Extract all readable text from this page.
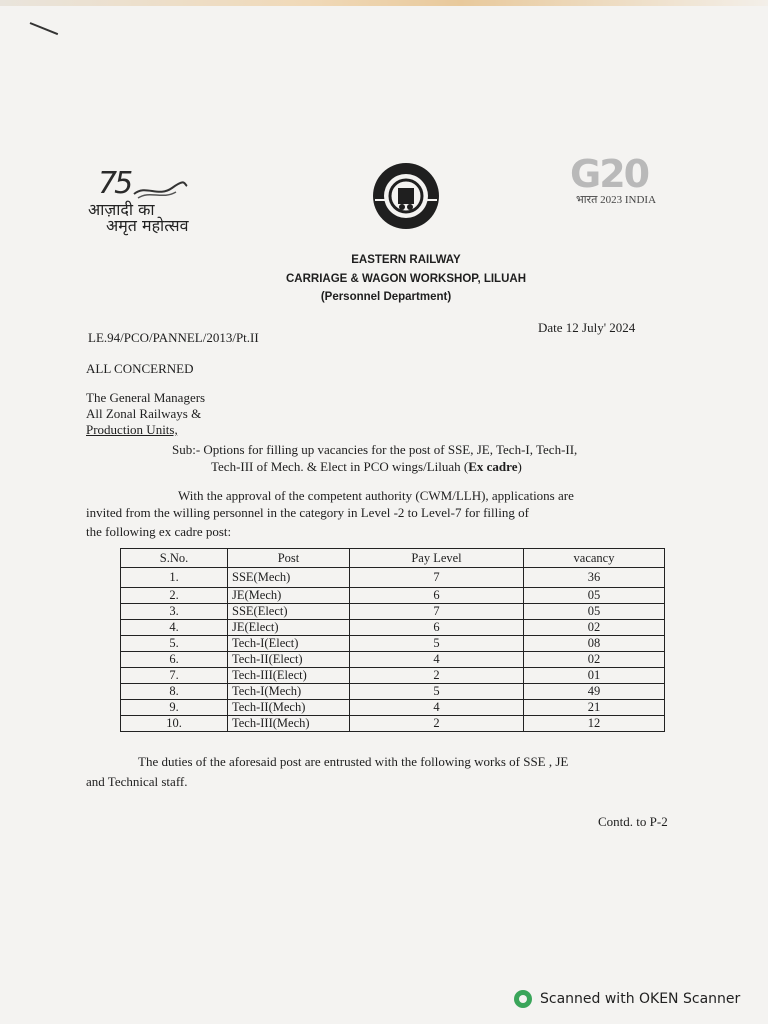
75
आज़ादी का
अमृत महोत्सव
G20
भारत 2023 INDIA
EASTERN RAILWAY
CARRIAGE & WAGON WORKSHOP, LILUAH
(Personnel Department)
LE.94/PCO/PANNEL/2013/Pt.II
Date 12 July' 2024
ALL CONCERNED
The General Managers
All Zonal Railways &
Production Units,
Sub:- Options for filling up vacancies for the post of SSE, JE, Tech-I, Tech-II,
Tech-III of Mech. & Elect in PCO wings/Liluah (Ex cadre)
With the approval of the competent authority (CWM/LLH), applications are
invited from the willing personnel in the category in Level -2 to Level-7 for filling of
the following ex cadre post:
S.No.	Post	Pay Level	vacancy
1.	SSE(Mech)	7	36
2.	JE(Mech)	6	05
3.	SSE(Elect)	7	05
4.	JE(Elect)	6	02
5.	Tech-I(Elect)	5	08
6.	Tech-II(Elect)	4	02
7.	Tech-III(Elect)	2	01
8.	Tech-I(Mech)	5	49
9.	Tech-II(Mech)	4	21
10.	Tech-III(Mech)	2	12
The duties of the aforesaid post are entrusted with the following works of SSE , JE
and Technical staff.
Contd. to P-2
Scanned with OKEN Scanner
